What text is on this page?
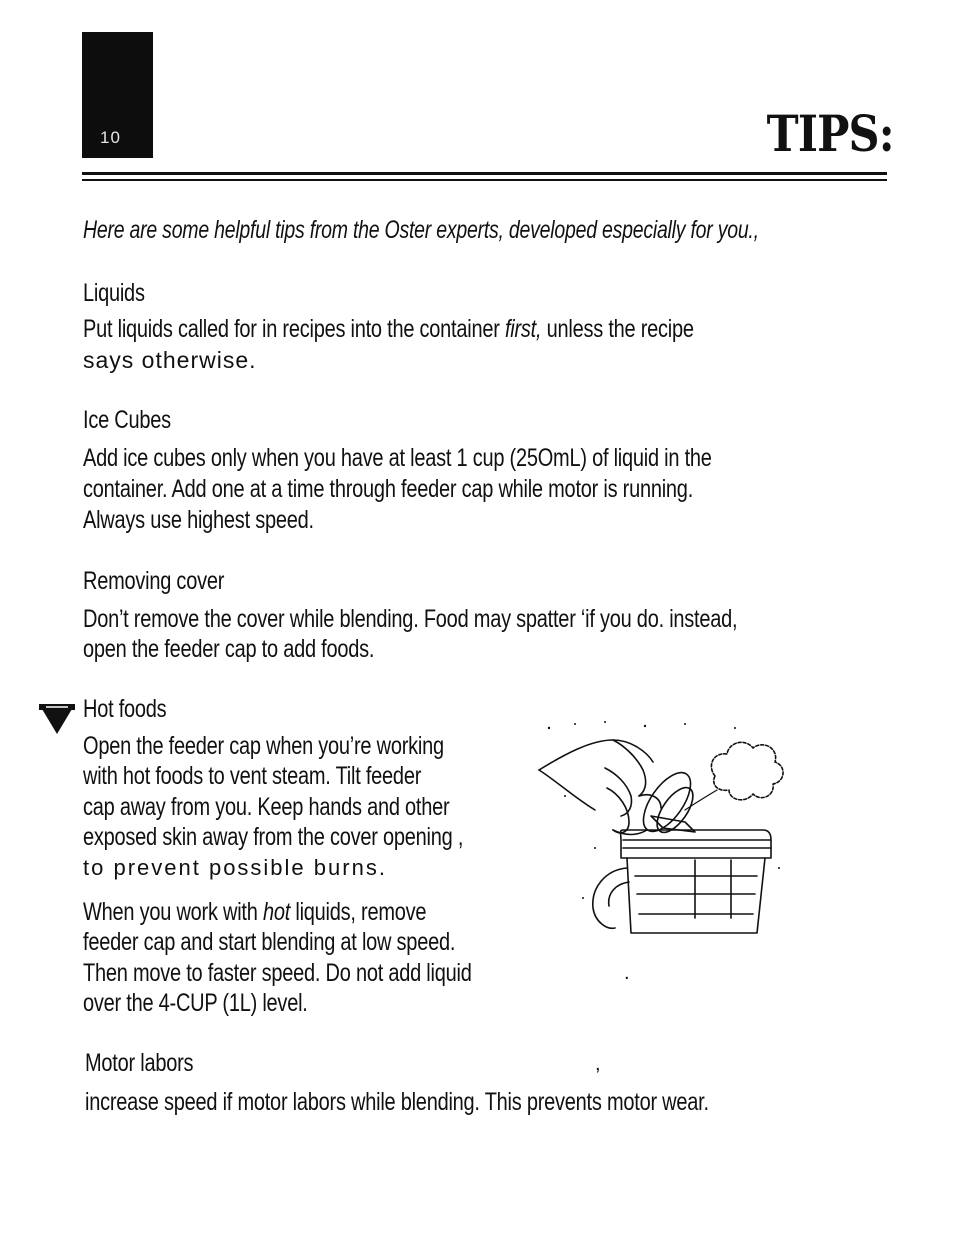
10	TIPS:

Here are some helpful tips from the Oster experts, developed especially for you.,

Liquids

Put liquids called for in recipes into the container first, unless the recipe

says otherwise.

Ice Cubes

Add ice cubes only when you have at least 1 cup (25OmL) of liquid in the

container. Add one at a time through feeder cap while motor is running.

Always use highest speed.

Removing cover

Don’t remove the cover while blending. Food may spatter ‘if you do. instead,

open the feeder cap to add foods.

Hot foods

Open the feeder cap when you’re working

with hot foods to vent steam. Tilt feeder

cap away from you. Keep hands and other

exposed skin away from the cover opening ,

to prevent possible burns.

When you work with hot liquids, remove

feeder cap and start blending at low speed.

Then move to faster speed. Do not add liquid

over the 4-CUP (1L) level.

.

Motor labors	,

increase speed if motor labors while blending. This prevents motor wear.
